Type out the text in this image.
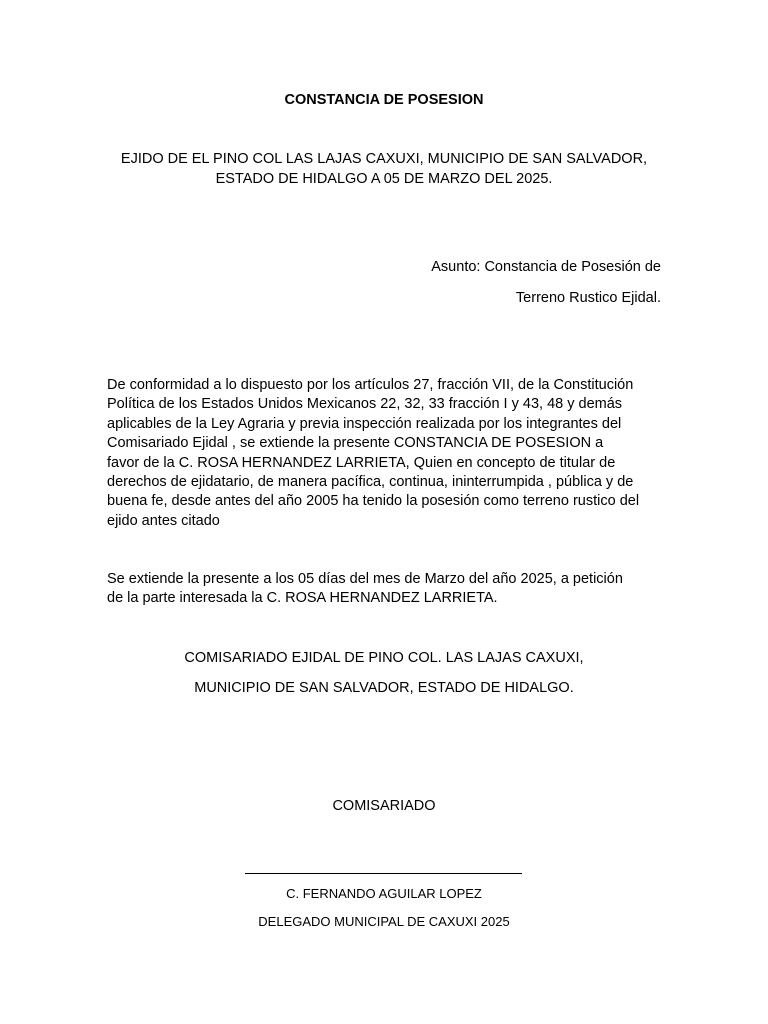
CONSTANCIA DE POSESION
EJIDO DE EL PINO COL LAS LAJAS CAXUXI, MUNICIPIO DE SAN SALVADOR,
ESTADO DE HIDALGO A 05 DE MARZO DEL 2025.
Asunto: Constancia de Posesión de
Terreno Rustico Ejidal.
De conformidad a lo dispuesto por los artículos 27, fracción VII, de la Constitución
Política de los Estados Unidos Mexicanos 22, 32, 33 fracción I y 43, 48 y demás
aplicables de la Ley Agraria y previa inspección realizada por los integrantes del
Comisariado Ejidal , se extiende la presente CONSTANCIA DE POSESION a
favor de la C. ROSA HERNANDEZ LARRIETA, Quien en concepto de titular de
derechos de ejidatario, de manera pacífica, continua, ininterrumpida , pública y de
buena fe, desde antes del año 2005 ha tenido la posesión como terreno rustico del
ejido antes citado
Se extiende la presente a los 05 días del mes de Marzo del año 2025, a petición
de la parte interesada la C. ROSA HERNANDEZ LARRIETA.
COMISARIADO EJIDAL DE PINO COL. LAS LAJAS CAXUXI,
MUNICIPIO DE SAN SALVADOR, ESTADO DE HIDALGO.
COMISARIADO
C. FERNANDO AGUILAR LOPEZ
DELEGADO MUNICIPAL DE CAXUXI 2025
